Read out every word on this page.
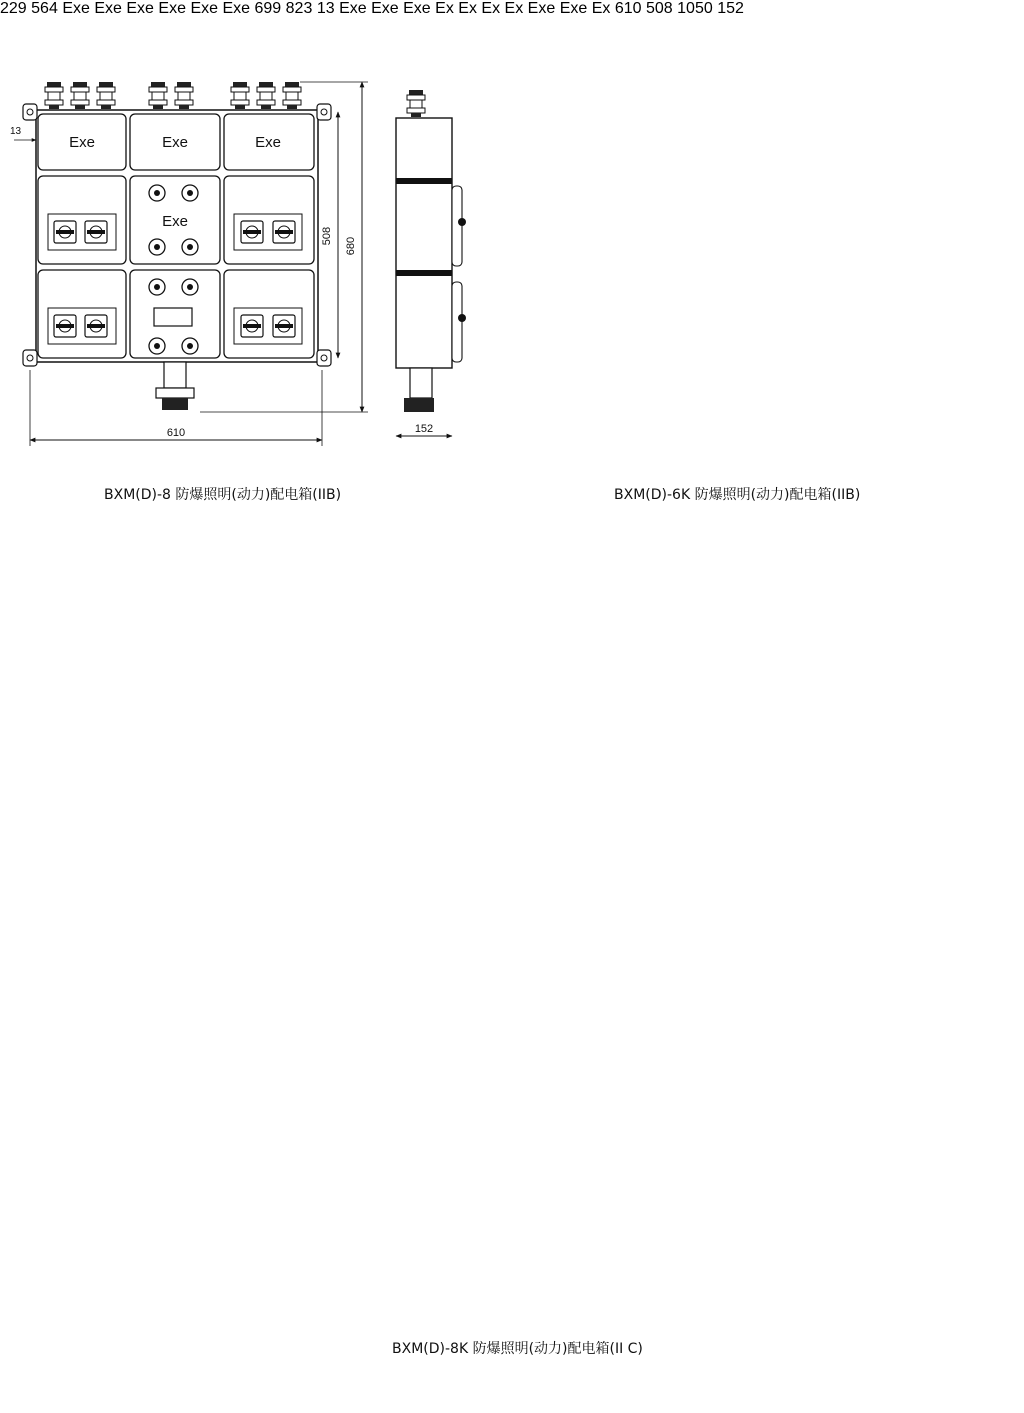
Exe	Exe	Exe
Exe
610
508
680
13
152
229 564 Exe Exe Exe Exe Exe Exe 699 823 13 Exe Exe Exe Ex Ex Ex Ex Exe Exe Ex 610 508 1050 152
BXM(D)-8 防爆照明(动力)配电箱(IIB)	BXM(D)-6K 防爆照明(动力)配电箱(IIB)
BXM(D)-8K 防爆照明(动力)配电箱(II C)
